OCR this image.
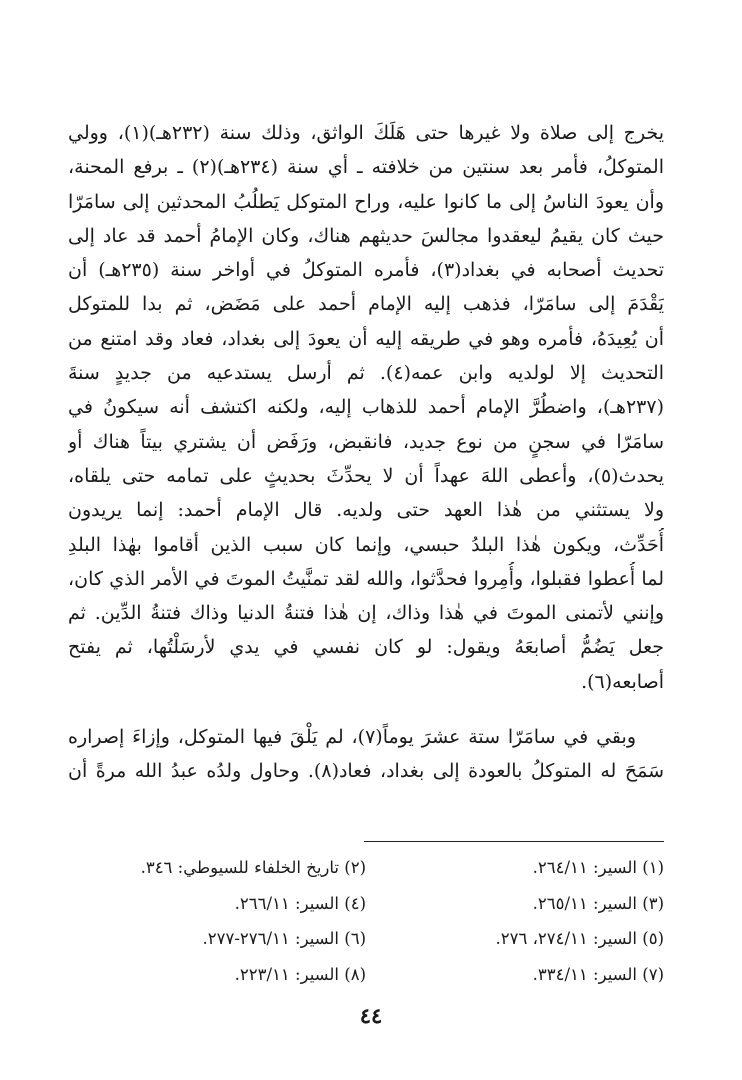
يخرج إلى صلاة ولا غيرها حتى هَلَكَ الواثق، وذلك سنة (٢٣٢هـ)(١)، وولي
المتوكلُ، فأمر بعد سنتين من خلافته ـ أي سنة (٢٣٤هـ)(٢) ـ برفع المحنة،
وأن يعودَ الناسُ إلى ما كانوا عليه، وراح المتوكل يَطلُبُ المحدثين إلى سامَرّا
حيث كان يقيمُ ليعقدوا مجالسَ حديثهم هناك، وكان الإمامُ أحمد قد عاد إلى
تحديث أصحابه في بغداد(٣)، فأمره المتوكلُ في أواخر سنة (٢٣٥هـ) أن
يَقْدَمَ إلى سامَرّا، فذهب إليه الإمام أحمد على مَضَض، ثم بدا للمتوكل
أن يُعِيدَهُ، فأمره وهو في طريقه إليه أن يعودَ إلى بغداد، فعاد وقد امتنع من
التحديث إلا لولديه وابن عمه(٤). ثم أرسل يستدعيه من جديدٍ سنةَ
(٢٣٧هـ)، واضطُرَّ الإمام أحمد للذهاب إليه، ولكنه اكتشف أنه سيكونُ في
سامَرّا في سجنٍ من نوع جديد، فانقبض، ورَفَض أن يشتري بيتاً هناك أو
يحدث(٥)، وأعطى اللهَ عهداً أن لا يحدِّثَ بحديثٍ على تمامه حتى يلقاه،
ولا يستثني من هٰذا العهد حتى ولديه. قال الإمام أحمد: إنما يريدون
أُحَدِّث، ويكون هٰذا البلدُ حبسي، وإنما كان سبب الذين أقاموا بهٰذا البلدِ
لما أُعطوا فقبلوا، وأُمِروا فحدَّثوا، والله لقد تمنَّيتُ الموتَ في الأمر الذي كان،
وإنني لأتمنى الموتَ في هٰذا وذاك، إن هٰذا فتنةُ الدنيا وذاك فتنةُ الدِّين. ثم
جعل يَضُمُّ أصابعَهُ ويقول: لو كان نفسي في يدي لأرسَلْتُها، ثم يفتح
أصابعه(٦).
وبقي في سامَرّا ستة عشرَ يوماً(٧)، لم يَلْقَ فيها المتوكل، وإزاءَ إصراره
سَمَحَ له المتوكلُ بالعودة إلى بغداد، فعاد(٨). وحاول ولدُه عبدُ الله مرةً أن
(١) السير: ٢٦٤/١١.
(٢) تاريخ الخلفاء للسيوطي: ٣٤٦.
(٣) السير: ٢٦٥/١١.
(٤) السير: ٢٦٦/١١.
(٥) السير: ٢٧٤/١١، ٢٧٦.
(٦) السير: ٢٧٦/١١-٢٧٧.
(٧) السير: ٣٣٤/١١.
(٨) السير: ٢٢٣/١١.
٤٤
